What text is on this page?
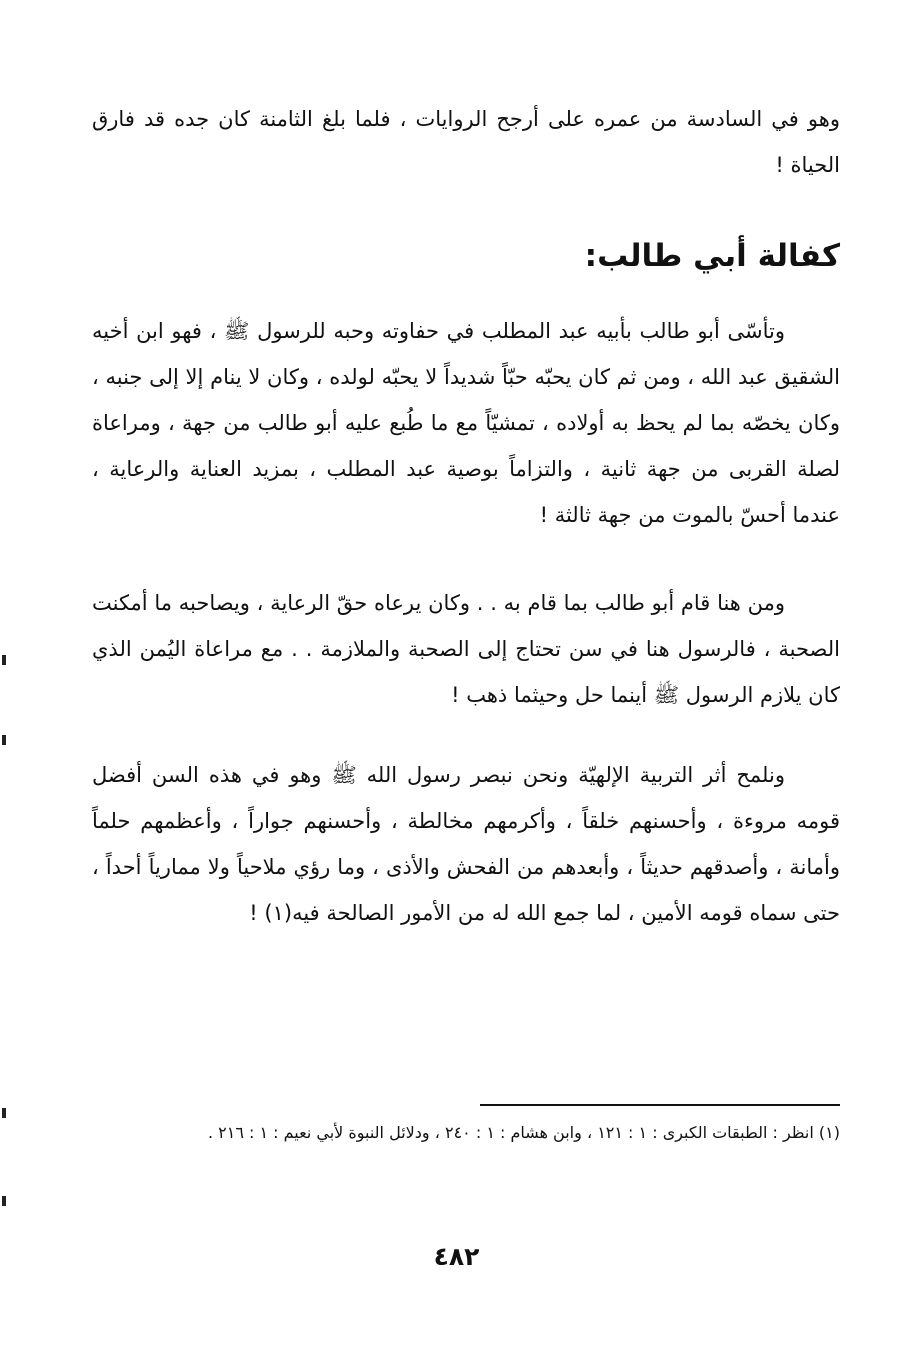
وهو في السادسة من عمره على أرجح الروايات ، فلما بلغ الثامنة كان جده قد فارق الحياة !

كفالة أبي طالب:

وتأسّى أبو طالب بأبيه عبد المطلب في حفاوته وحبه للرسول ﷺ ، فهو ابن أخيه الشقيق عبد الله ، ومن ثم كان يحبّه حبّاً شديداً لا يحبّه لولده ، وكان لا ينام إلا إلى جنبه ، وكان يخصّه بما لم يحظ به أولاده ، تمشيّاً مع ما طُبع عليه أبو طالب من جهة ، ومراعاة لصلة القربى من جهة ثانية ، والتزاماً بوصية عبد المطلب ، بمزيد العناية والرعاية ، عندما أحسّ بالموت من جهة ثالثة !

ومن هنا قام أبو طالب بما قام به . . وكان يرعاه حقّ الرعاية ، ويصاحبه ما أمكنت الصحبة ، فالرسول هنا في سن تحتاج إلى الصحبة والملازمة . . مع مراعاة اليُمن الذي كان يلازم الرسول ﷺ أينما حل وحيثما ذهب !

ونلمح أثر التربية الإلهيّة ونحن نبصر رسول الله ﷺ وهو في هذه السن أفضل قومه مروءة ، وأحسنهم خلقاً ، وأكرمهم مخالطة ، وأحسنهم جواراً ، وأعظمهم حلماً وأمانة ، وأصدقهم حديثاً ، وأبعدهم من الفحش والأذى ، وما رؤي ملاحياً ولا ممارياً أحداً ، حتى سماه قومه الأمين ، لما جمع الله له من الأمور الصالحة فيه(١) !

(١) انظر : الطبقات الكبرى : ١ : ١٢١ ، وابن هشام : ١ : ٢٤٠ ، ودلائل النبوة لأبي نعيم : ١ : ٢١٦ .

٤٨٢
